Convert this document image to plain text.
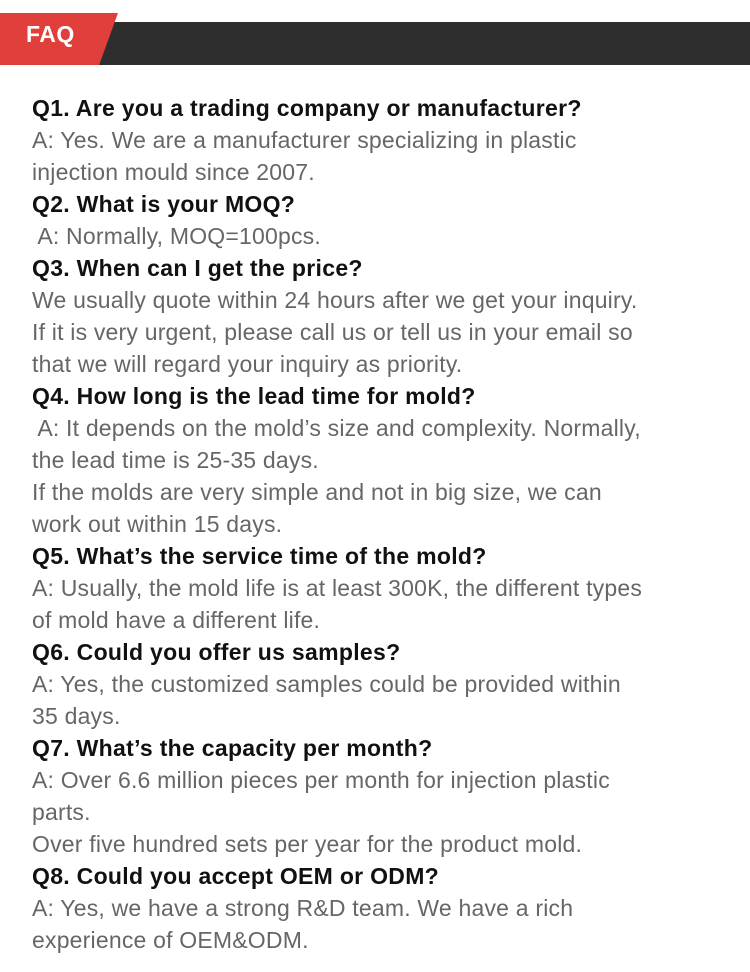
FAQ

Q1. Are you a trading company or manufacturer?

A: Yes. We are a manufacturer specializing in plastic

injection mould since 2007.

Q2. What is your MOQ?

A: Normally, MOQ=100pcs.

Q3. When can I get the price?

We usually quote within 24 hours after we get your inquiry.

If it is very urgent, please call us or tell us in your email so

that we will regard your inquiry as priority.

Q4. How long is the lead time for mold?

A: It depends on the mold’s size and complexity. Normally,

the lead time is 25-35 days.

If the molds are very simple and not in big size, we can

work out within 15 days.

Q5. What’s the service time of the mold?

A: Usually, the mold life is at least 300K, the different types

of mold have a different life.

Q6. Could you offer us samples?

A: Yes, the customized samples could be provided within

35 days.

Q7. What’s the capacity per month?

A: Over 6.6 million pieces per month for injection plastic

parts.

Over five hundred sets per year for the product mold.

Q8. Could you accept OEM or ODM?

A: Yes, we have a strong R&D team. We have a rich

experience of OEM&ODM.
